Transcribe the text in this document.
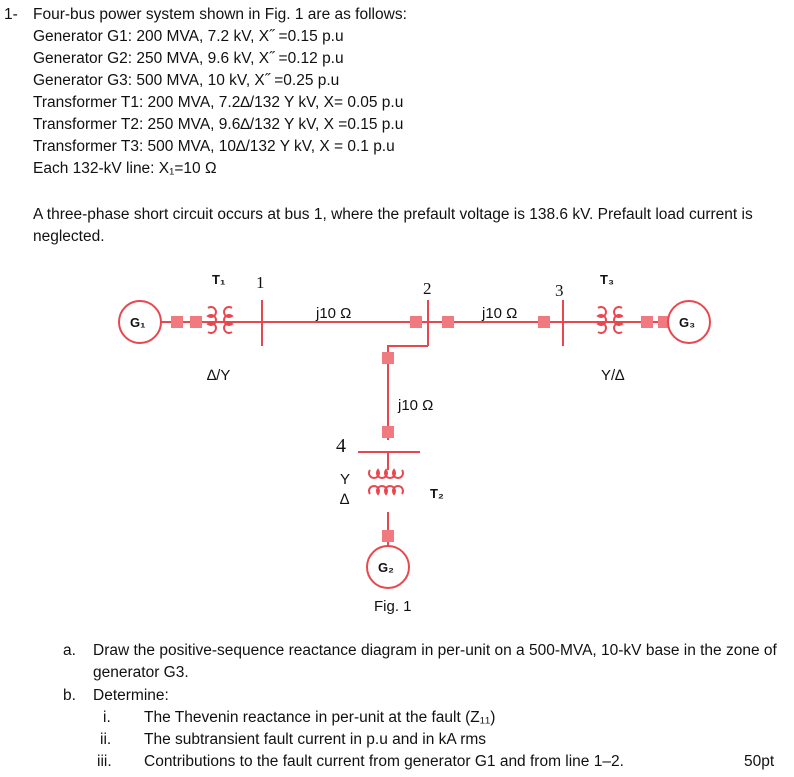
1- Four-bus power system shown in Fig. 1 are as follows:
Generator G1: 200 MVA, 7.2 kV, X˝ =0.15 p.u
Generator G2: 250 MVA, 9.6 kV, X˝ =0.12 p.u
Generator G3: 500 MVA, 10 kV, X˝ =0.25 p.u
Transformer T1: 200 MVA, 7.2∆/132 Y kV, X= 0.05 p.u
Transformer T2: 250 MVA, 9.6∆/132 Y kV, X =0.15 p.u
Transformer T3: 500 MVA, 10∆/132 Y kV, X = 0.1 p.u
Each 132-kV line: X₁=10 Ω
A three-phase short circuit occurs at bus 1, where the prefault voltage is 138.6 kV. Prefault load current is neglected.
G₁	G₃
G₂
T₁	T₃
T₂
1	2	3
4
j10 Ω	j10 Ω
j10 Ω
∆/Y	Y/∆
Y
∆
Fig. 1
a. Draw the positive-sequence reactance diagram in per-unit on a 500-MVA, 10-kV base in the zone of generator G3.
b. Determine:
i. The Thevenin reactance in per-unit at the fault (Z₁₁)
ii. The subtransient fault current in p.u and in kA rms
iii. Contributions to the fault current from generator G1 and from line 1–2.	50pt
